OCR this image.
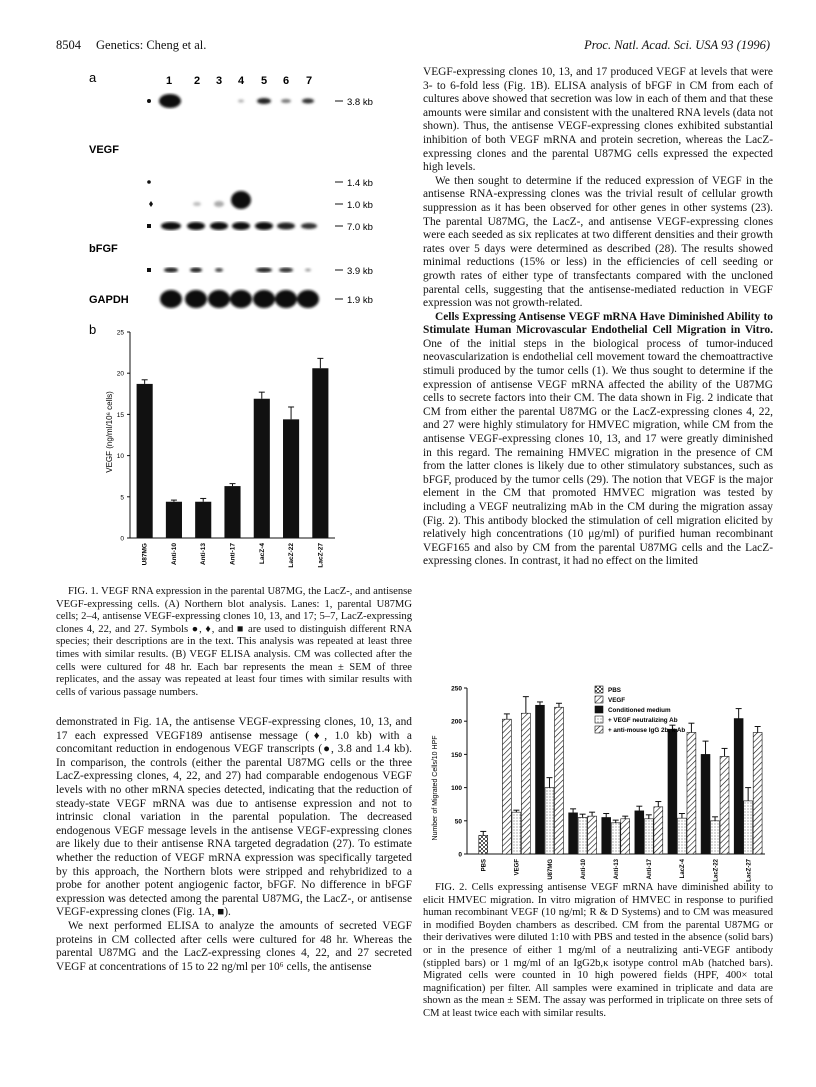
8504 Genetics: Cheng et al.	Proc. Natl. Acad. Sci. USA 93 (1996)
a	1 2 3 4 5 6 7
3.8 kb
VEGF
1.4 kb
1.0 kb
7.0 kb
bFGF
3.9 kb
GAPDH	1.9 kb
b
VEGF (ng/ml/10⁶ cells)
0
5
10
15
20
25
U87MG	Anti-10	Anti-13	Anti-17	LacZ-4	LacZ-22	LacZ-27

FIG. 1. VEGF RNA expression in the parental U87MG, the LacZ-, and antisense VEGF-expressing cells. (A) Northern blot analysis. Lanes: 1, parental U87MG cells; 2–4, antisense VEGF-expressing clones 10, 13, and 17; 5–7, LacZ-expressing clones 4, 22, and 27. Symbols ●, ♦, and ■ are used to distinguish different RNA species; their descriptions are in the text. This analysis was repeated at least three times with similar results. (B) VEGF ELISA analysis. CM was collected after the cells were cultured for 48 hr. Each bar represents the mean ± SEM of three replicates, and the assay was repeated at least four times with similar results with cells of various passage numbers.

demonstrated in Fig. 1A, the antisense VEGF-expressing clones, 10, 13, and 17 each expressed VEGF189 antisense message (♦, 1.0 kb) with a concomitant reduction in endogenous VEGF transcripts (●, 3.8 and 1.4 kb). In comparison, the controls (either the parental U87MG cells or the three LacZ-expressing clones, 4, 22, and 27) had comparable endogenous VEGF levels with no other mRNA species detected, indicating that the reduction of steady-state VEGF mRNA was due to antisense expression and not to intrinsic clonal variation in the parental population. The decreased endogenous VEGF message levels in the antisense VEGF-expressing clones are likely due to their antisense RNA targeted degradation (27). To estimate whether the reduction of VEGF mRNA expression was specifically targeted by this approach, the Northern blots were stripped and rehybridized to a probe for another potent angiogenic factor, bFGF. No difference in bFGF expression was detected among the parental U87MG, the LacZ-, or antisense VEGF-expressing clones (Fig. 1A, ■).

We next performed ELISA to analyze the amounts of secreted VEGF proteins in CM collected after cells were cultured for 48 hr. Whereas the parental U87MG and the LacZ-expressing clones 4, 22, and 27 secreted VEGF at concentrations of 15 to 22 ng/ml per 10⁶ cells, the antisense

VEGF-expressing clones 10, 13, and 17 produced VEGF at levels that were 3- to 6-fold less (Fig. 1B). ELISA analysis of bFGF in CM from each of cultures above showed that secretion was low in each of them and that these amounts were similar and consistent with the unaltered RNA levels (data not shown). Thus, the antisense VEGF-expressing clones exhibited substantial inhibition of both VEGF mRNA and protein secretion, whereas the LacZ-expressing clones and the parental U87MG cells expressed the expected high levels.

We then sought to determine if the reduced expression of VEGF in the antisense RNA-expressing clones was the trivial result of cellular growth suppression as it has been observed for other genes in other systems (23). The parental U87MG, the LacZ-, and antisense VEGF-expressing clones were each seeded as six replicates at two different densities and their growth rates over 5 days were determined as described (28). The results showed minimal reductions (15% or less) in the efficiencies of cell seeding or growth rates of either type of transfectants compared with the uncloned parental cells, suggesting that the antisense-mediated reduction in VEGF expression was not growth-related.

Cells Expressing Antisense VEGF mRNA Have Diminished Ability to Stimulate Human Microvascular Endothelial Cell Migration in Vitro. One of the initial steps in the biological process of tumor-induced neovascularization is endothelial cell movement toward the chemoattractive stimuli produced by the tumor cells (1). We thus sought to determine if the expression of antisense VEGF mRNA affected the ability of the U87MG cells to secrete factors into their CM. The data shown in Fig. 2 indicate that CM from either the parental U87MG or the LacZ-expressing clones 4, 22, and 27 were highly stimulatory for HMVEC migration, while CM from the antisense VEGF-expressing clones 10, 13, and 17 were greatly diminished in this regard. The remaining HMVEC migration in the presence of CM from the latter clones is likely due to other stimulatory substances, such as bFGF, produced by the tumor cells (29). The notion that VEGF is the major element in the CM that promoted HMVEC migration was tested by including a VEGF neutralizing mAb in the CM during the migration assay (Fig. 2). This antibody blocked the stimulation of cell migration elicited by relatively high concentrations (10 μg/ml) of purified human recombinant VEGF165 and also by CM from the parental U87MG cells and the LacZ-expressing clones. In contrast, it had no effect on the limited

Number of Migrated Cells/10 HPF
0
50
100
150
200
250
PBS	VEGF	U87MG	Anti-10	Anti-13	Anti-17	LacZ-4	LacZ-22	LacZ-27
PBS
VEGF
Conditioned medium
+ VEGF neutralizing Ab
+ anti-mouse IgG 2b, k Ab

FIG. 2. Cells expressing antisense VEGF mRNA have diminished ability to elicit HMVEC migration. In vitro migration of HMVEC in response to purified human recombinant VEGF (10 ng/ml; R & D Systems) and to CM was measured in modified Boyden chambers as described. CM from the parental U87MG or their derivatives were diluted 1:10 with PBS and tested in the absence (solid bars) or in the presence of either 1 mg/ml of a neutralizing anti-VEGF antibody (stippled bars) or 1 mg/ml of an IgG2b,κ isotype control mAb (hatched bars). Migrated cells were counted in 10 high powered fields (HPF, 400× total magnification) per filter. All samples were examined in triplicate and data are shown as the mean ± SEM. The assay was performed in triplicate on three sets of CM at least twice each with similar results.
